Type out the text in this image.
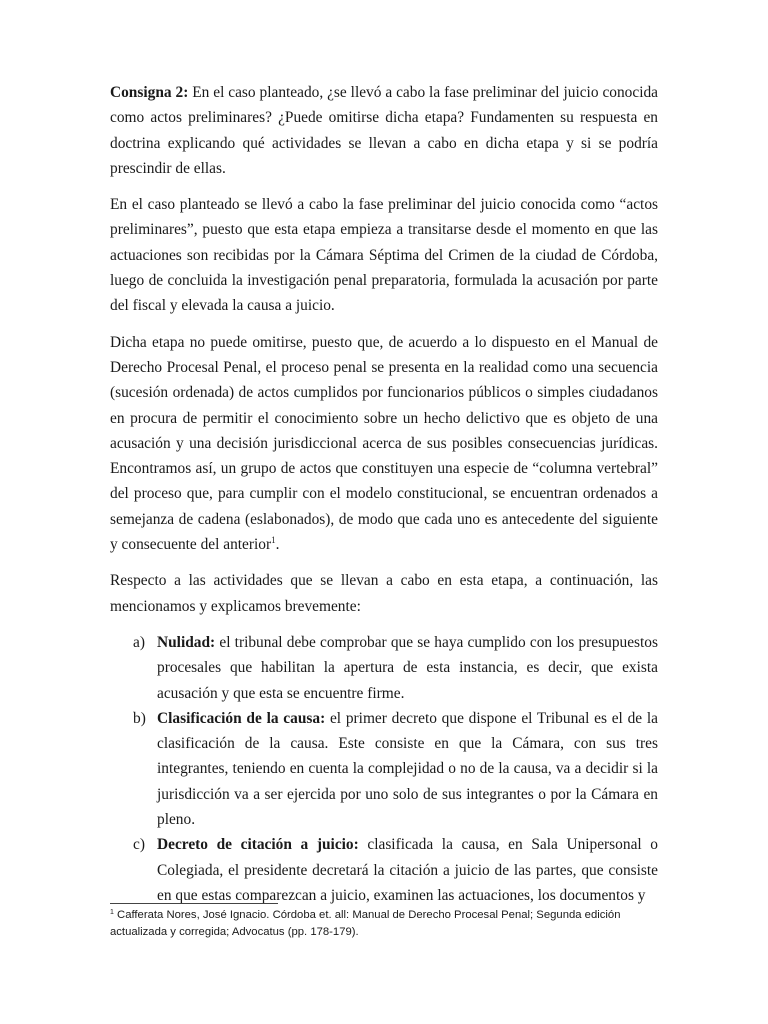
Consigna 2: En el caso planteado, ¿se llevó a cabo la fase preliminar del juicio conocida como actos preliminares? ¿Puede omitirse dicha etapa? Fundamenten su respuesta en doctrina explicando qué actividades se llevan a cabo en dicha etapa y si se podría prescindir de ellas.

En el caso planteado se llevó a cabo la fase preliminar del juicio conocida como “actos preliminares”, puesto que esta etapa empieza a transitarse desde el momento en que las actuaciones son recibidas por la Cámara Séptima del Crimen de la ciudad de Córdoba, luego de concluida la investigación penal preparatoria, formulada la acusación por parte del fiscal y elevada la causa a juicio.

Dicha etapa no puede omitirse, puesto que, de acuerdo a lo dispuesto en el Manual de Derecho Procesal Penal, el proceso penal se presenta en la realidad como una secuencia (sucesión ordenada) de actos cumplidos por funcionarios públicos o simples ciudadanos en procura de permitir el conocimiento sobre un hecho delictivo que es objeto de una acusación y una decisión jurisdiccional acerca de sus posibles consecuencias jurídicas. Encontramos así, un grupo de actos que constituyen una especie de “columna vertebral” del proceso que, para cumplir con el modelo constitucional, se encuentran ordenados a semejanza de cadena (eslabonados), de modo que cada uno es antecedente del siguiente y consecuente del anterior$^1$.

Respecto a las actividades que se llevan a cabo en esta etapa, a continuación, las mencionamos y explicamos brevemente:

a) Nulidad: el tribunal debe comprobar que se haya cumplido con los presupuestos procesales que habilitan la apertura de esta instancia, es decir, que exista acusación y que esta se encuentre firme.
b) Clasificación de la causa: el primer decreto que dispone el Tribunal es el de la clasificación de la causa. Este consiste en que la Cámara, con sus tres integrantes, teniendo en cuenta la complejidad o no de la causa, va a decidir si la jurisdicción va a ser ejercida por uno solo de sus integrantes o por la Cámara en pleno.
c) Decreto de citación a juicio: clasificada la causa, en Sala Unipersonal o Colegiada, el presidente decretará la citación a juicio de las partes, que consiste en que estas comparezcan a juicio, examinen las actuaciones, los documentos y
$^1$ Cafferata Nores, José Ignacio. Córdoba et. all: Manual de Derecho Procesal Penal; Segunda edición actualizada y corregida; Advocatus (pp. 178-179).
